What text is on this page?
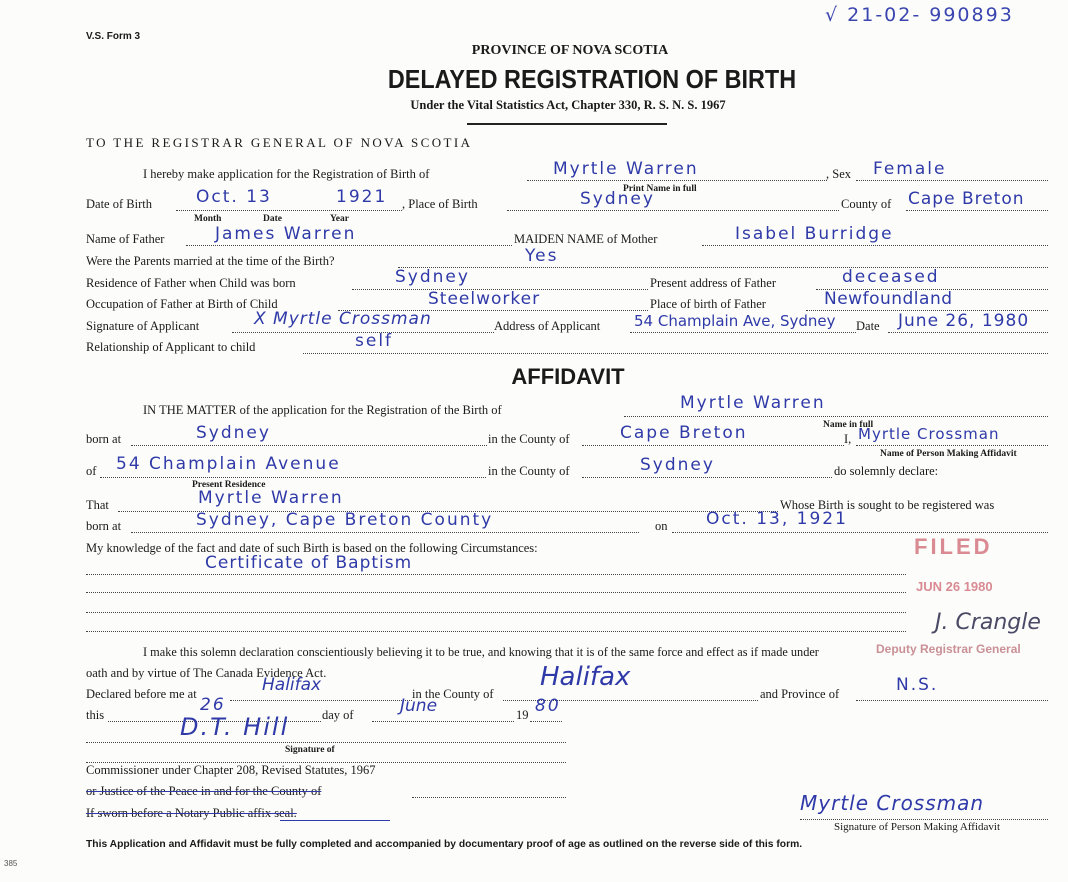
V.S. Form 3
√ 21-02- 990893
PROVINCE OF NOVA SCOTIA
DELAYED REGISTRATION OF BIRTH
Under the Vital Statistics Act, Chapter 330, R. S. N. S. 1967
TO THE REGISTRAR GENERAL OF NOVA SCOTIA
I hereby make application for the Registration of Birth of	Myrtle Warren	, Sex Female
Print Name in full
Date of Birth	Oct. 13	1921 , Place of Birth	Sydney	County of Cape Breton
Month	Date	Year
Name of Father	James Warren	MAIDEN NAME of Mother	Isabel Burridge
Were the Parents married at the time of the Birth?	Yes
Residence of Father when Child was born	Sydney	Present address of Father	deceased
Occupation of Father at Birth of Child	Steelworker	Place of birth of Father	Newfoundland
Signature of Applicant	X Myrtle Crossman	Address of Applicant 54 Champlain Ave, Sydney Date June 26, 1980
Relationship of Applicant to child	self
AFFIDAVIT
IN THE MATTER of the application for the Registration of the Birth of	Myrtle Warren
Name in full
born at	Sydney	in the County of	Cape Breton	I, Myrtle Crossman
Name of Person Making Affidavit
of 54 Champlain Avenue	in the County of	Sydney	do solemnly declare:
Present Residence
That	Myrtle Warren	Whose Birth is sought to be registered was
born at	Sydney, Cape Breton County	on Oct. 13, 1921
My knowledge of the fact and date of such Birth is based on the following Circumstances:
Certificate of Baptism
FILED
JUN 26 1980
J. Crangle
Deputy Registrar General
I make this solemn declaration conscientiously believing it to be true, and knowing that it is of the same force and effect as if made under
oath and by virtue of The Canada Evidence Act.
Declared before me at	Halifax	in the County of
Halifax
and Province of	N.S.
this	26	day of	June	19 80
D.T. Hill
Signature of
Commissioner under Chapter 208, Revised Statutes, 1967
or Justice of the Peace in and for the County of
If sworn before a Notary Public affix seal.	Myrtle Crossman
Signature of Person Making Affidavit
This Application and Affidavit must be fully completed and accompanied by documentary proof of age as outlined on the reverse side of this form.
385
